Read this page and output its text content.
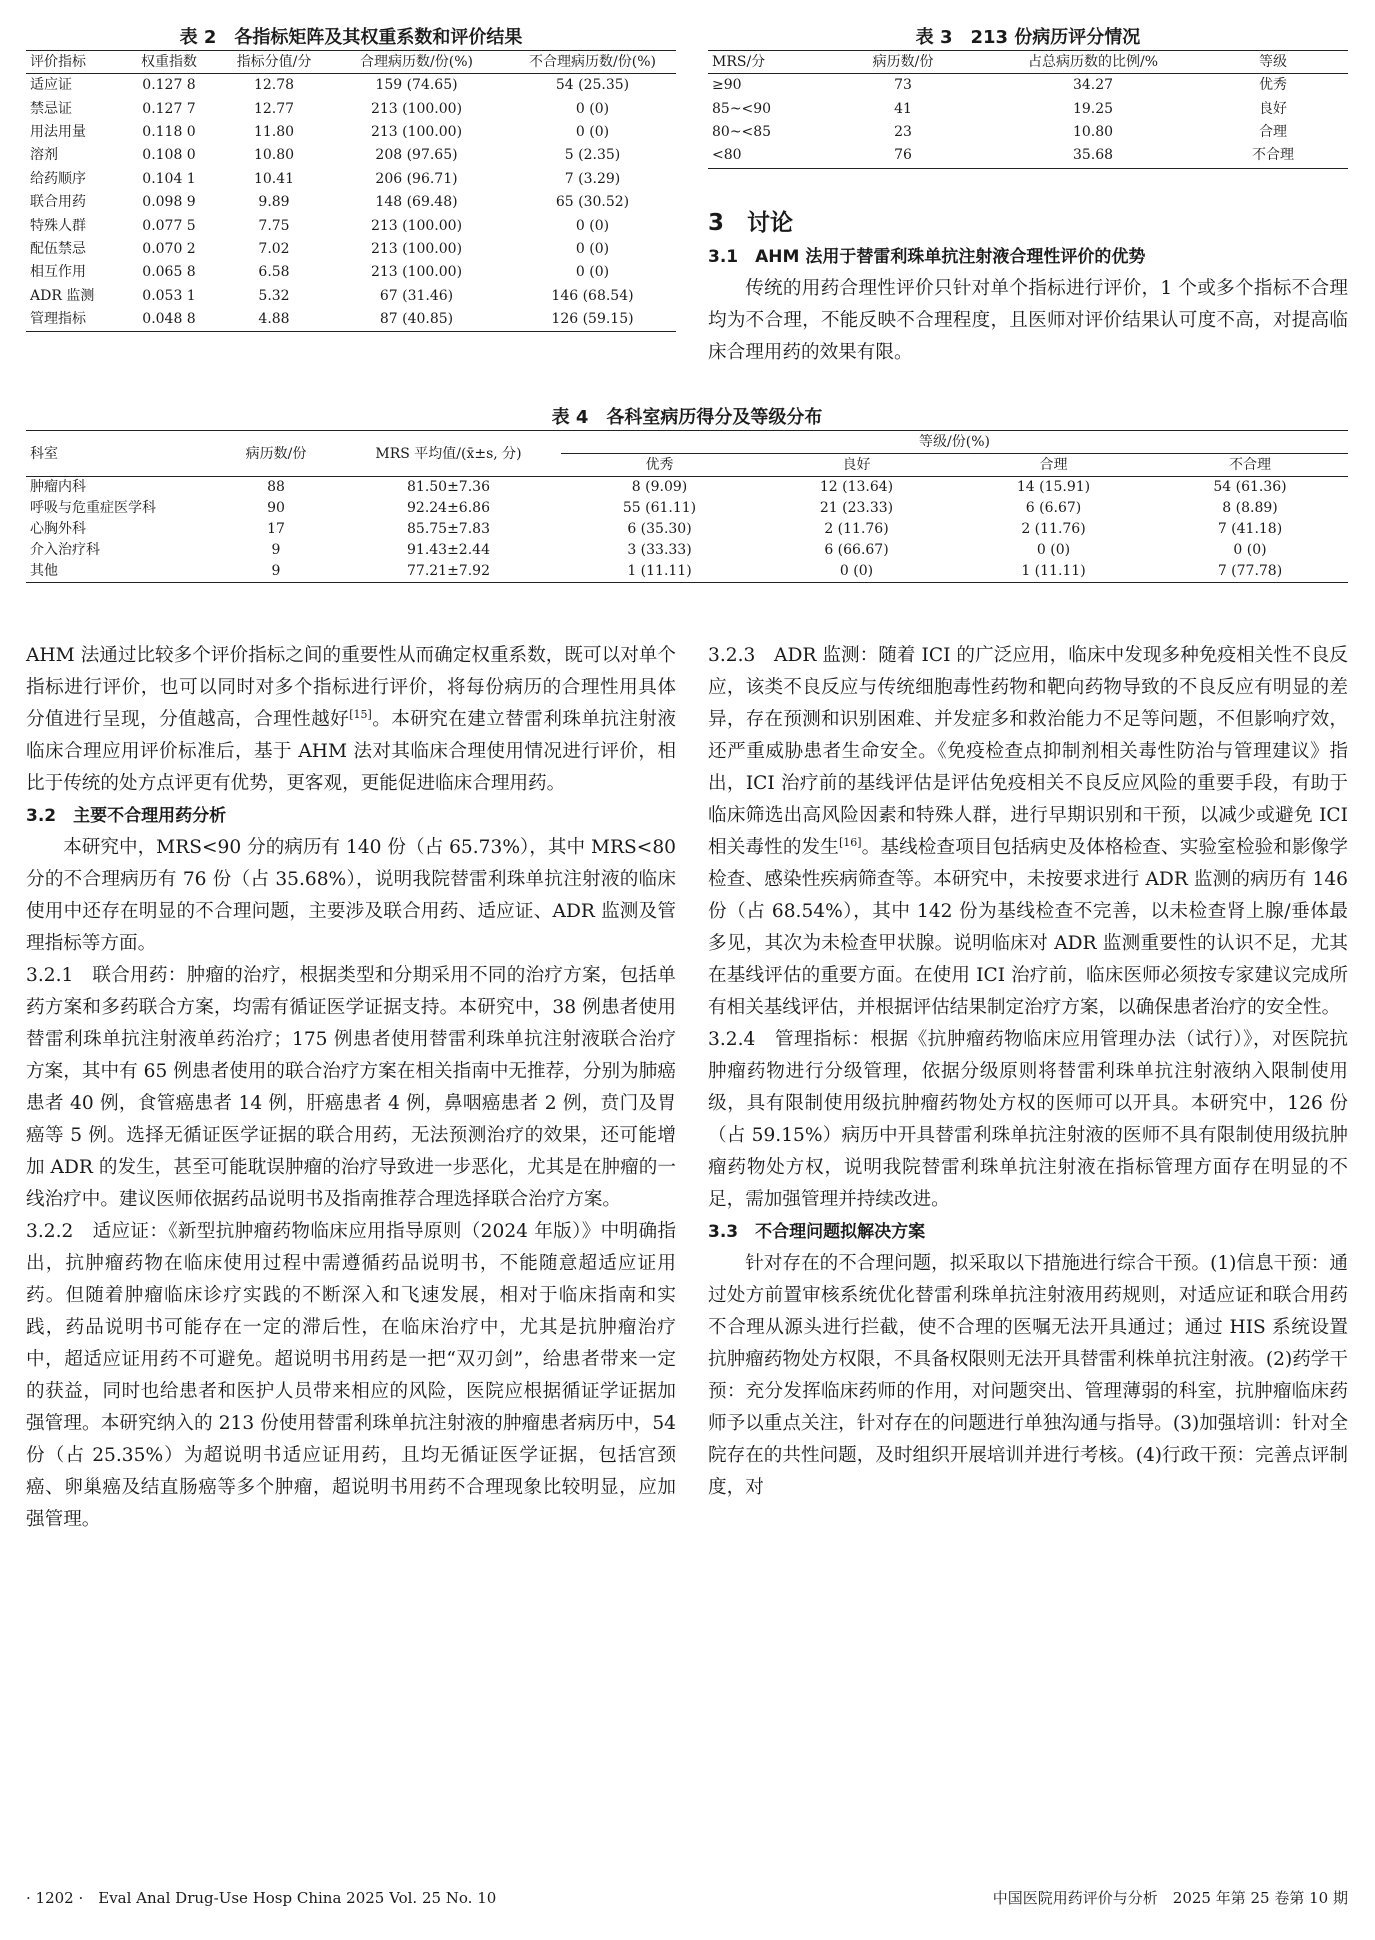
表 2　各指标矩阵及其权重系数和评价结果

评价指标	权重指数	指标分值/分	合理病历数/份(%)	不合理病历数/份(%)
适应证	0.127 8	12.78	159 (74.65)	54 (25.35)
禁忌证	0.127 7	12.77	213 (100.00)	0 (0)
用法用量	0.118 0	11.80	213 (100.00)	0 (0)
溶剂	0.108 0	10.80	208 (97.65)	5 (2.35)
给药顺序	0.104 1	10.41	206 (96.71)	7 (3.29)
联合用药	0.098 9	9.89	148 (69.48)	65 (30.52)
特殊人群	0.077 5	7.75	213 (100.00)	0 (0)
配伍禁忌	0.070 2	7.02	213 (100.00)	0 (0)
相互作用	0.065 8	6.58	213 (100.00)	0 (0)
ADR 监测	0.053 1	5.32	67 (31.46)	146 (68.54)
管理指标	0.048 8	4.88	87 (40.85)	126 (59.15)

表 3　213 份病历评分情况

MRS/分	病历数/份	占总病历数的比例/%	等级
≥90	73	34.27	优秀
85~<90	41	19.25	良好
80~<85	23	10.80	合理
<80	76	35.68	不合理
3　讨论
3.1　AHM 法用于替雷利珠单抗注射液合理性评价的优势

传统的用药合理性评价只针对单个指标进行评价，1 个或多个指标不合理均为不合理，不能反映不合理程度，且医师对评价结果认可度不高，对提高临床合理用药的效果有限。

表 4　各科室病历得分及等级分布

科室	病历数/份	MRS 平均值/(x̄±s, 分)	等级/份(%)			
			优秀	良好	合理	不合理
肿瘤内科	88	81.50±7.36	8 (9.09)	12 (13.64)	14 (15.91)	54 (61.36)
呼吸与危重症医学科	90	92.24±6.86	55 (61.11)	21 (23.33)	6 (6.67)	8 (8.89)
心胸外科	17	85.75±7.83	6 (35.30)	2 (11.76)	2 (11.76)	7 (41.18)
介入治疗科	9	91.43±2.44	3 (33.33)	6 (66.67)	0 (0)	0 (0)
其他	9	77.21±7.92	1 (11.11)	0 (0)	1 (11.11)	7 (77.78)

AHM 法通过比较多个评价指标之间的重要性从而确定权重系数，既可以对单个指标进行评价，也可以同时对多个指标进行评价，将每份病历的合理性用具体分值进行呈现，分值越高，合理性越好[15]。本研究在建立替雷利珠单抗注射液临床合理应用评价标准后，基于 AHM 法对其临床合理使用情况进行评价，相比于传统的处方点评更有优势，更客观，更能促进临床合理用药。

3.2　主要不合理用药分析

本研究中，MRS<90 分的病历有 140 份（占 65.73%），其中 MRS<80 分的不合理病历有 76 份（占 35.68%），说明我院替雷利珠单抗注射液的临床使用中还存在明显的不合理问题，主要涉及联合用药、适应证、ADR 监测及管理指标等方面。

3.2.1　联合用药：肿瘤的治疗，根据类型和分期采用不同的治疗方案，包括单药方案和多药联合方案，均需有循证医学证据支持。本研究中，38 例患者使用替雷利珠单抗注射液单药治疗；175 例患者使用替雷利珠单抗注射液联合治疗方案，其中有 65 例患者使用的联合治疗方案在相关指南中无推荐，分别为肺癌患者 40 例，食管癌患者 14 例，肝癌患者 4 例，鼻咽癌患者 2 例，贲门及胃癌等 5 例。选择无循证医学证据的联合用药，无法预测治疗的效果，还可能增加 ADR 的发生，甚至可能耽误肿瘤的治疗导致进一步恶化，尤其是在肿瘤的一线治疗中。建议医师依据药品说明书及指南推荐合理选择联合治疗方案。

3.2.2　适应证：《新型抗肿瘤药物临床应用指导原则（2024 年版）》中明确指出，抗肿瘤药物在临床使用过程中需遵循药品说明书，不能随意超适应证用药。但随着肿瘤临床诊疗实践的不断深入和飞速发展，相对于临床指南和实践，药品说明书可能存在一定的滞后性，在临床治疗中，尤其是抗肿瘤治疗中，超适应证用药不可避免。超说明书用药是一把“双刃剑”，给患者带来一定的获益，同时也给患者和医护人员带来相应的风险，医院应根据循证学证据加强管理。本研究纳入的 213 份使用替雷利珠单抗注射液的肿瘤患者病历中，54 份（占 25.35%）为超说明书适应证用药，且均无循证医学证据，包括宫颈癌、卵巢癌及结直肠癌等多个肿瘤，超说明书用药不合理现象比较明显，应加强管理。

3.2.3　ADR 监测：随着 ICI 的广泛应用，临床中发现多种免疫相关性不良反应，该类不良反应与传统细胞毒性药物和靶向药物导致的不良反应有明显的差异，存在预测和识别困难、并发症多和救治能力不足等问题，不但影响疗效，还严重威胁患者生命安全。《免疫检查点抑制剂相关毒性防治与管理建议》指出，ICI 治疗前的基线评估是评估免疫相关不良反应风险的重要手段，有助于临床筛选出高风险因素和特殊人群，进行早期识别和干预，以减少或避免 ICI 相关毒性的发生[16]。基线检查项目包括病史及体格检查、实验室检验和影像学检查、感染性疾病筛查等。本研究中，未按要求进行 ADR 监测的病历有 146 份（占 68.54%），其中 142 份为基线检查不完善，以未检查肾上腺/垂体最多见，其次为未检查甲状腺。说明临床对 ADR 监测重要性的认识不足，尤其在基线评估的重要方面。在使用 ICI 治疗前，临床医师必须按专家建议完成所有相关基线评估，并根据评估结果制定治疗方案，以确保患者治疗的安全性。

3.2.4　管理指标：根据《抗肿瘤药物临床应用管理办法（试行）》，对医院抗肿瘤药物进行分级管理，依据分级原则将替雷利珠单抗注射液纳入限制使用级，具有限制使用级抗肿瘤药物处方权的医师可以开具。本研究中，126 份（占 59.15%）病历中开具替雷利珠单抗注射液的医师不具有限制使用级抗肿瘤药物处方权，说明我院替雷利珠单抗注射液在指标管理方面存在明显的不足，需加强管理并持续改进。

3.3　不合理问题拟解决方案

针对存在的不合理问题，拟采取以下措施进行综合干预。(1)信息干预：通过处方前置审核系统优化替雷利珠单抗注射液用药规则，对适应证和联合用药不合理从源头进行拦截，使不合理的医嘱无法开具通过；通过 HIS 系统设置抗肿瘤药物处方权限，不具备权限则无法开具替雷利株单抗注射液。(2)药学干预：充分发挥临床药师的作用，对问题突出、管理薄弱的科室，抗肿瘤临床药师予以重点关注，针对存在的问题进行单独沟通与指导。(3)加强培训：针对全院存在的共性问题，及时组织开展培训并进行考核。(4)行政干预：完善点评制度，对

· 1202 ·　Eval Anal Drug-Use Hosp China 2025 Vol. 25 No. 10	中国医院用药评价与分析　2025 年第 25 卷第 10 期
